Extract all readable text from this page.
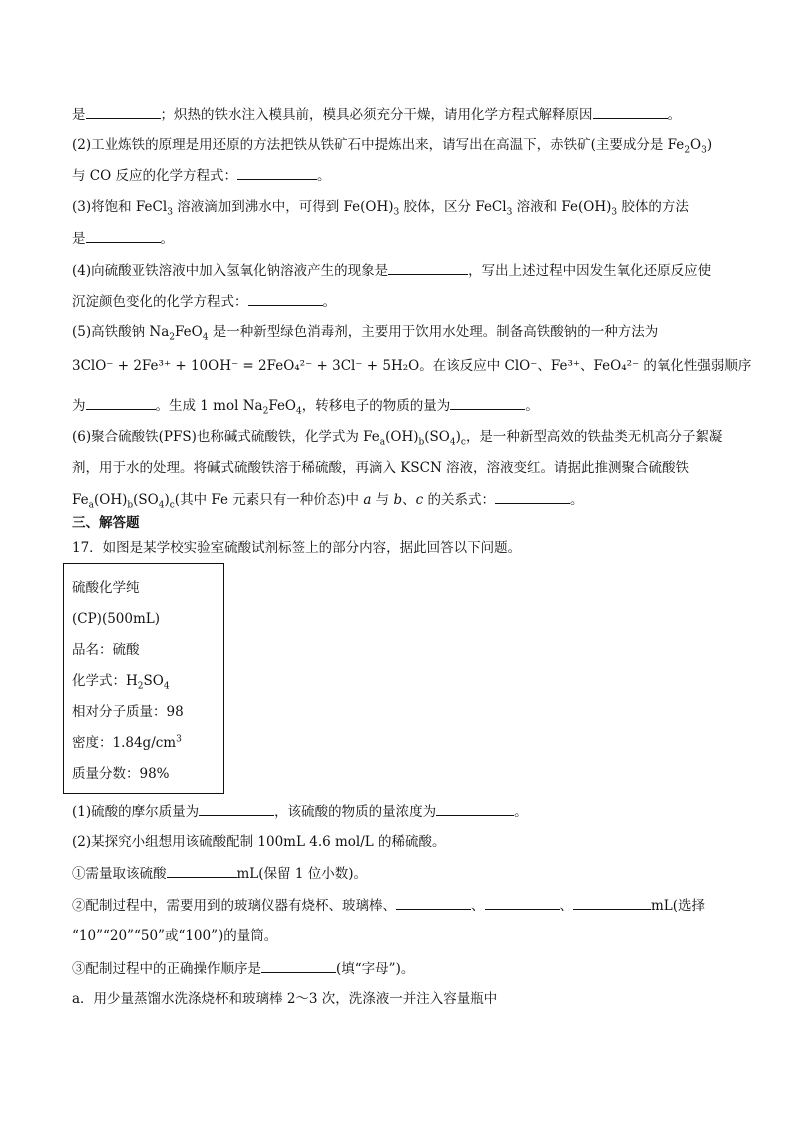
是	；炽热的铁水注入模具前，模具必须充分干燥，请用化学方程式解释原因	。
(2)工业炼铁的原理是用还原的方法把铁从铁矿石中提炼出来，请写出在高温下，赤铁矿(主要成分是 $Fe_2O_3$)
与 CO 反应的化学方程式：	。
(3)将饱和 FeCl$_3$ 溶液滴加到沸水中，可得到 $Fe(OH)_3$ 胶体，区分 FeCl$_3$ 溶液和 $Fe(OH)_3$ 胶体的方法
是	。
(4)向硫酸亚铁溶液中加入氢氧化钠溶液产生的现象是	，写出上述过程中因发生氧化还原反应使
沉淀颜色变化的化学方程式：	。
(5)高铁酸钠 $Na_2FeO_4$ 是一种新型绿色消毒剂，主要用于饮用水处理。制备高铁酸钠的一种方法为
3ClO⁻ + 2Fe³⁺ + 10OH⁻ = 2FeO₄²⁻ + 3Cl⁻ + 5H₂O。在该反应中 ClO⁻、Fe³⁺、FeO₄²⁻ 的氧化性强弱顺序
为	。生成 1 mol $Na_2FeO_4$，转移电子的物质的量为	。
(6)聚合硫酸铁(PFS)也称碱式硫酸铁，化学式为 $Fe_a(OH)_b(SO_4)_c$，是一种新型高效的铁盐类无机高分子絮凝
剂，用于水的处理。将碱式硫酸铁溶于稀硫酸，再滴入 KSCN 溶液，溶液变红。请据此推测聚合硫酸铁
$Fe_a(OH)_b(SO_4)_c$(其中 Fe 元素只有一种价态)中 a 与 b、c 的关系式：	。
三、解答题
17．如图是某学校实验室硫酸试剂标签上的部分内容，据此回答以下问题。
硫酸化学纯
(CP)(500mL)
品名：硫酸
化学式：$H_2SO_4$
相对分子质量：98
密度：$1.84g/cm^3$
质量分数：98%
(1)硫酸的摩尔质量为	，该硫酸的物质的量浓度为	。
(2)某探究小组想用该硫酸配制 100mL 4.6 mol/L 的稀硫酸。
①需量取该硫酸	mL(保留 1 位小数)。
②配制过程中，需要用到的玻璃仪器有烧杯、玻璃棒、	、	、	mL(选择
“10”“20”“50”或“100”)的量筒。
③配制过程中的正确操作顺序是	(填“字母”)。
a．用少量蒸馏水洗涤烧杯和玻璃棒 2～3 次，洗涤液一并注入容量瓶中
